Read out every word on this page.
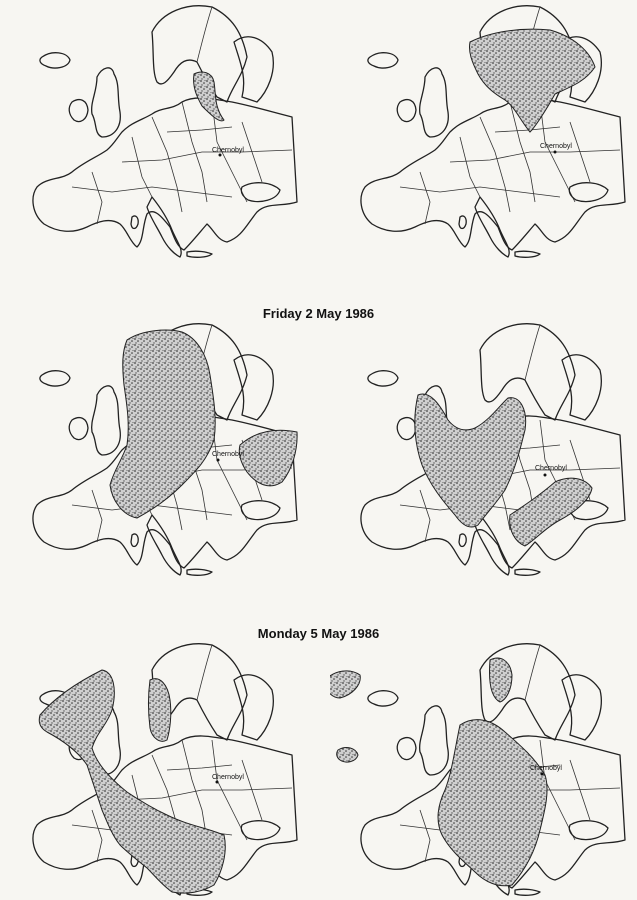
Chernobyl
Chernobyl
Friday 2 May 1986
Chernobyl
Chernobyl
Monday 5 May 1986
Chernobyl
Chernobyl
